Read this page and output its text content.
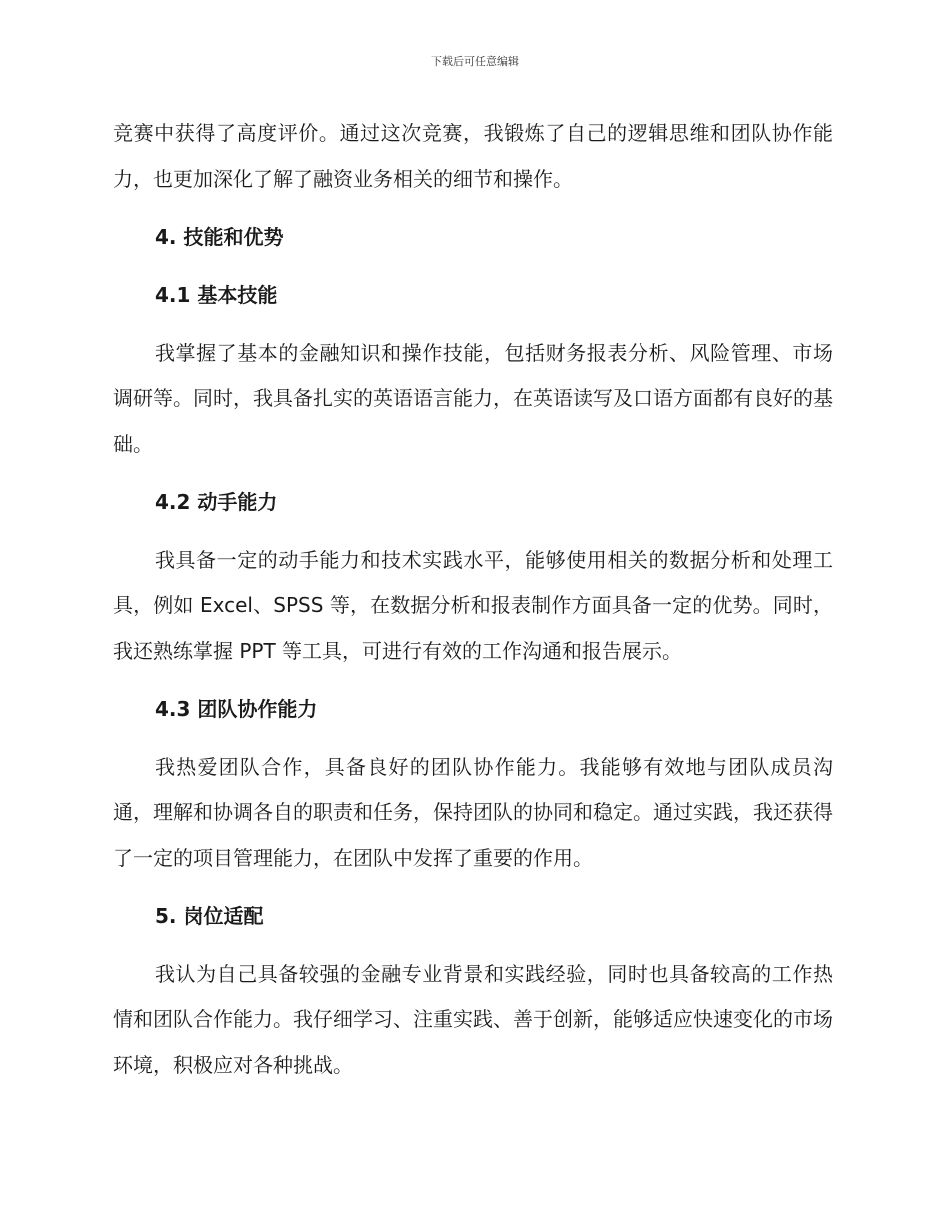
下载后可任意编辑

竞赛中获得了高度评价。通过这次竞赛，我锻炼了自己的逻辑思维和团队协作能力，也更加深化了解了融资业务相关的细节和操作。

4. 技能和优势
4.1 基本技能

我掌握了基本的金融知识和操作技能，包括财务报表分析、风险管理、市场调研等。同时，我具备扎实的英语语言能力，在英语读写及口语方面都有良好的基础。

4.2 动手能力

我具备一定的动手能力和技术实践水平，能够使用相关的数据分析和处理工具，例如 Excel、SPSS 等，在数据分析和报表制作方面具备一定的优势。同时，我还熟练掌握 PPT 等工具，可进行有效的工作沟通和报告展示。

4.3 团队协作能力

我热爱团队合作，具备良好的团队协作能力。我能够有效地与团队成员沟通，理解和协调各自的职责和任务，保持团队的协同和稳定。通过实践，我还获得了一定的项目管理能力，在团队中发挥了重要的作用。

5. 岗位适配

我认为自己具备较强的金融专业背景和实践经验，同时也具备较高的工作热情和团队合作能力。我仔细学习、注重实践、善于创新，能够适应快速变化的市场环境，积极应对各种挑战。
